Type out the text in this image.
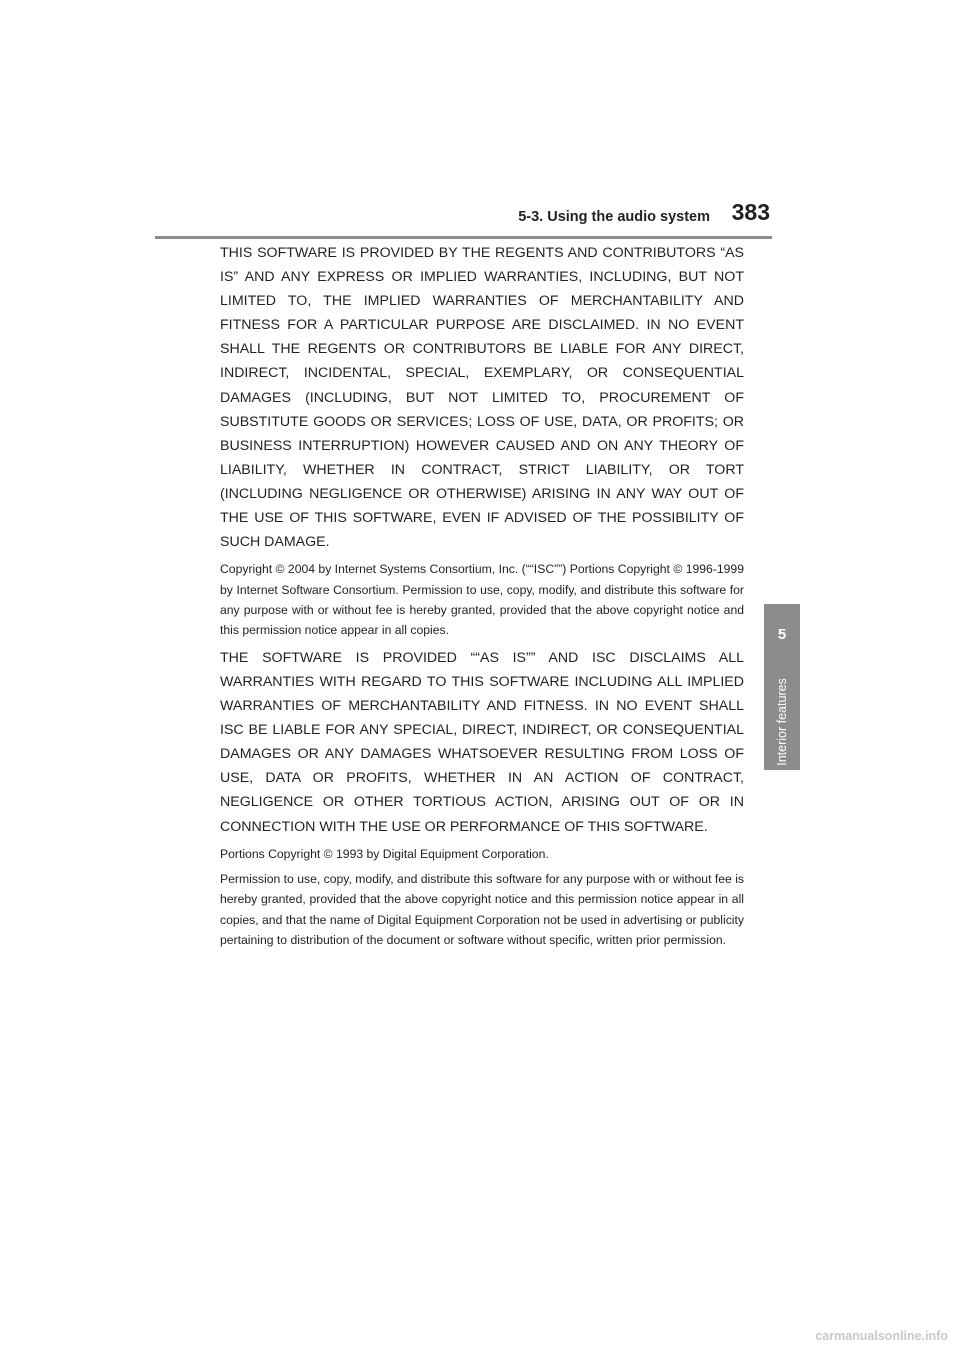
5-3. Using the audio system 383
5
Interior features

THIS SOFTWARE IS PROVIDED BY THE REGENTS AND CONTRIBUTORS “AS IS” AND ANY EXPRESS OR IMPLIED WARRANTIES, INCLUDING, BUT NOT LIMITED TO, THE IMPLIED WARRANTIES OF MERCHANTABILITY AND FITNESS FOR A PARTICULAR PURPOSE ARE DISCLAIMED. IN NO EVENT SHALL THE REGENTS OR CONTRIBUTORS BE LIABLE FOR ANY DIRECT, INDIRECT, INCIDENTAL, SPECIAL, EXEMPLARY, OR CONSEQUENTIAL DAMAGES (INCLUDING, BUT NOT LIMITED TO, PROCUREMENT OF SUBSTITUTE GOODS OR SERVICES; LOSS OF USE, DATA, OR PROFITS; OR BUSINESS INTERRUPTION) HOWEVER CAUSED AND ON ANY THEORY OF LIABILITY, WHETHER IN CONTRACT, STRICT LIABILITY, OR TORT (INCLUDING NEGLIGENCE OR OTHERWISE) ARISING IN ANY WAY OUT OF THE USE OF THIS SOFTWARE, EVEN IF ADVISED OF THE POSSIBILITY OF SUCH DAMAGE.

Copyright © 2004 by Internet Systems Consortium, Inc. (““ISC””) Portions Copyright © 1996-1999 by Internet Software Consortium. Permission to use, copy, modify, and distribute this software for any purpose with or without fee is hereby granted, provided that the above copyright notice and this permission notice appear in all copies.

THE SOFTWARE IS PROVIDED ““AS IS”” AND ISC DISCLAIMS ALL WARRANTIES WITH REGARD TO THIS SOFTWARE INCLUDING ALL IMPLIED WARRANTIES OF MERCHANTABILITY AND FITNESS. IN NO EVENT SHALL ISC BE LIABLE FOR ANY SPECIAL, DIRECT, INDIRECT, OR CONSEQUENTIAL DAMAGES OR ANY DAMAGES WHATSOEVER RESULTING FROM LOSS OF USE, DATA OR PROFITS, WHETHER IN AN ACTION OF CONTRACT, NEGLIGENCE OR OTHER TORTIOUS ACTION, ARISING OUT OF OR IN CONNECTION WITH THE USE OR PERFORMANCE OF THIS SOFTWARE.

Portions Copyright © 1993 by Digital Equipment Corporation.

Permission to use, copy, modify, and distribute this software for any purpose with or without fee is hereby granted, provided that the above copyright notice and this permission notice appear in all copies, and that the name of Digital Equipment Corporation not be used in advertising or publicity pertaining to distribution of the document or software without specific, written prior permission.

carmanualsonline.info
